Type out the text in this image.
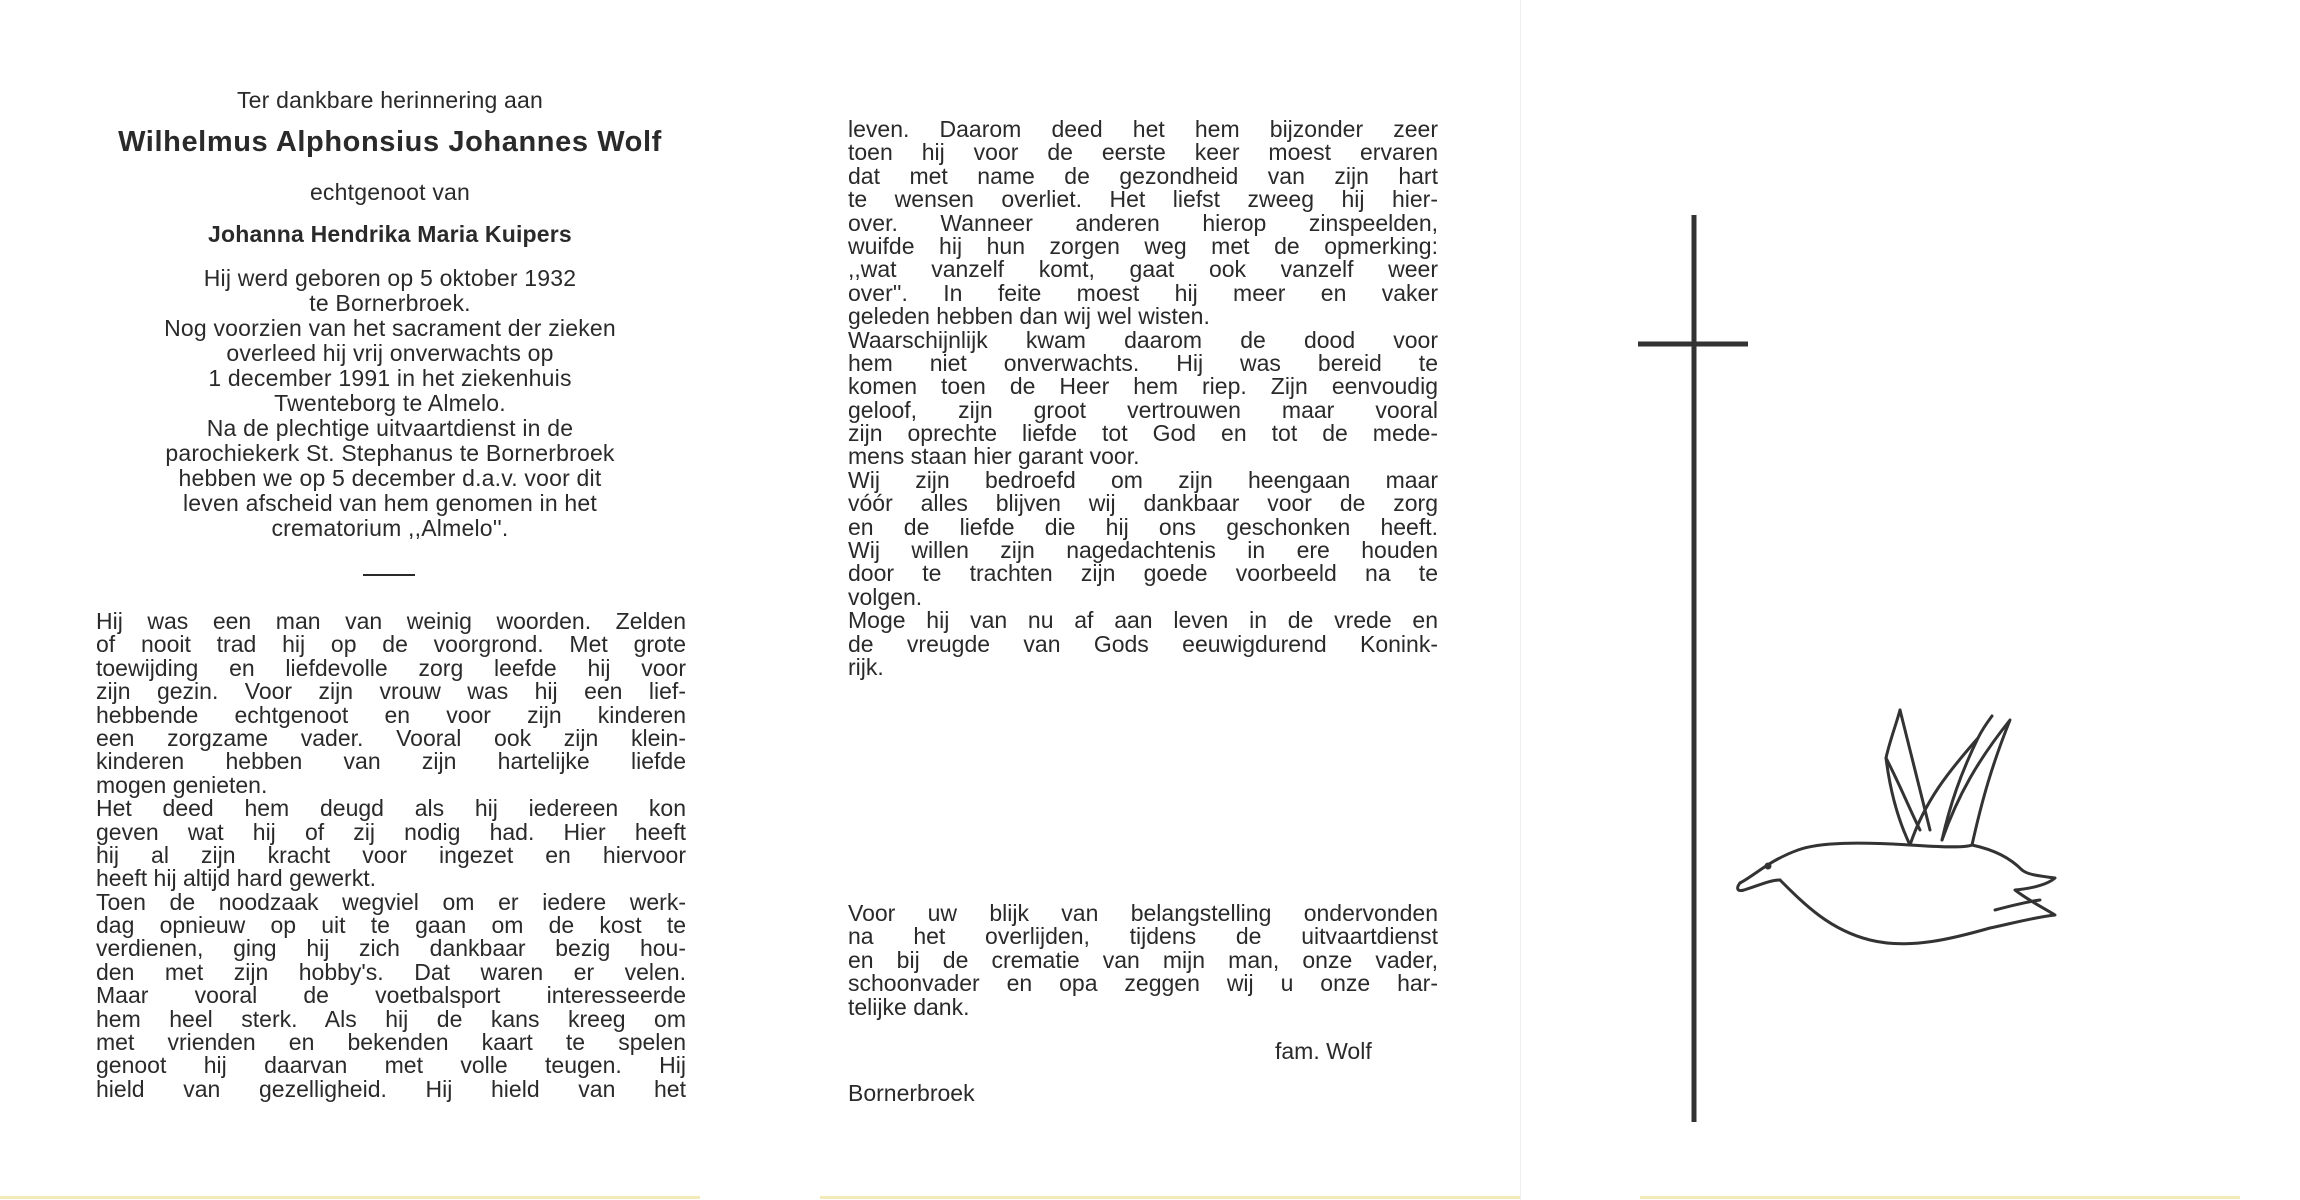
Ter dankbare herinnering aan

Wilhelmus Alphonsius Johannes Wolf

echtgenoot van

Johanna Hendrika Maria Kuipers

Hij werd geboren op 5 oktober 1932

te Bornerbroek.

Nog voorzien van het sacrament der zieken

overleed hij vrij onverwachts op

1 december 1991 in het ziekenhuis

Twenteborg te Almelo.

Na de plechtige uitvaartdienst in de

parochiekerk St. Stephanus te Bornerbroek

hebben we op 5 december d.a.v. voor dit

leven afscheid van hem genomen in het

crematorium ,,Almelo''.

Hij was een man van weinig woorden. Zelden
of nooit trad hij op de voorgrond. Met grote
toewijding en liefdevolle zorg leefde hij voor
zijn gezin. Voor zijn vrouw was hij een lief-
hebbende echtgenoot en voor zijn kinderen
een zorgzame vader. Vooral ook zijn klein-
kinderen hebben van zijn hartelijke liefde
mogen genieten.
Het deed hem deugd als hij iedereen kon
geven wat hij of zij nodig had. Hier heeft
hij al zijn kracht voor ingezet en hiervoor
heeft hij altijd hard gewerkt.
Toen de noodzaak wegviel om er iedere werk-
dag opnieuw op uit te gaan om de kost te
verdienen, ging hij zich dankbaar bezig hou-
den met zijn hobby's. Dat waren er velen.
Maar vooral de voetbalsport interesseerde
hem heel sterk. Als hij de kans kreeg om
met vrienden en bekenden kaart te spelen
genoot hij daarvan met volle teugen. Hij
hield van gezelligheid. Hij hield van het
leven. Daarom deed het hem bijzonder zeer
toen hij voor de eerste keer moest ervaren
dat met name de gezondheid van zijn hart
te wensen overliet. Het liefst zweeg hij hier-
over. Wanneer anderen hierop zinspeelden,
wuifde hij hun zorgen weg met de opmerking:
,,wat vanzelf komt, gaat ook vanzelf weer
over''. In feite moest hij meer en vaker
geleden hebben dan wij wel wisten.
Waarschijnlijk kwam daarom de dood voor
hem niet onverwachts. Hij was bereid te
komen toen de Heer hem riep. Zijn eenvoudig
geloof, zijn groot vertrouwen maar vooral
zijn oprechte liefde tot God en tot de mede-
mens staan hier garant voor.
Wij zijn bedroefd om zijn heengaan maar
vóór alles blijven wij dankbaar voor de zorg
en de liefde die hij ons geschonken heeft.
Wij willen zijn nagedachtenis in ere houden
door te trachten zijn goede voorbeeld na te
volgen.
Moge hij van nu af aan leven in de vrede en
de vreugde van Gods eeuwigdurend Konink-
rijk.
Voor uw blijk van belangstelling ondervonden
na het overlijden, tijdens de uitvaartdienst
en bij de crematie van mijn man, onze vader,
schoonvader en opa zeggen wij u onze har-
telijke dank.
fam. Wolf
Bornerbroek
